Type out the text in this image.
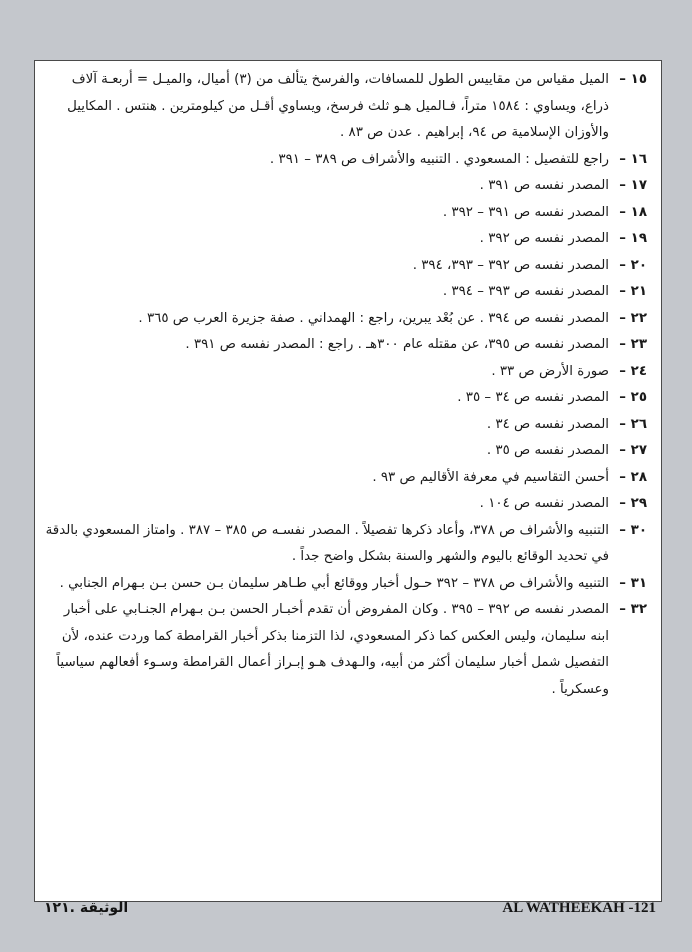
١٥ –
الميل مقياس من مقاييس الطول للمسافات، والفرسخ يتألف من (٣) أميال، والميـل = أربعـة آلاف ذراع، ويساوي : ١٥٨٤ متراً، فـالميل هـو ثلث فرسخ، ويساوي أقـل من كيلومترين . هنتس . المكاييل والأوزان الإسلامية ص ٩٤، إبراهيم . عدن ص ٨٣ .
١٦ –
راجع للتفصيل : المسعودي . التنبيه والأشراف ص ٣٨٩ – ٣٩١ .
١٧ –
المصدر نفسه ص ٣٩١ .
١٨ –
المصدر نفسه ص ٣٩١ – ٣٩٢ .
١٩ –
المصدر نفسه ص ٣٩٢ .
٢٠ –
المصدر نفسه ص ٣٩٢ – ٣٩٣، ٣٩٤ .
٢١ –
المصدر نفسه ص ٣٩٣ – ٣٩٤ .
٢٢ –
المصدر نفسه ص ٣٩٤ . عن بُعْد يبرين، راجع : الهمداني . صفة جزيرة العرب ص ٣٦٥ .
٢٣ –
المصدر نفسه ص ٣٩٥، عن مقتله عام ٣٠٠هـ . راجع : المصدر نفسه ص ٣٩١ .
٢٤ –
صورة الأرض ص ٣٣ .
٢٥ –
المصدر نفسه ص ٣٤ – ٣٥ .
٢٦ –
المصدر نفسه ص ٣٤ .
٢٧ –
المصدر نفسه ص ٣٥ .
٢٨ –
أحسن التقاسيم في معرفة الأقاليم ص ٩٣ .
٢٩ –
المصدر نفسه ص ١٠٤ .
٣٠ –
التنبيه والأشراف ص ٣٧٨، وأعاد ذكرها تفصيلاً . المصدر نفسـه ص ٣٨٥ – ٣٨٧ . وامتاز المسعودي بالدقة في تحديد الوقائع باليوم والشهر والسنة بشكل واضح جداً .
٣١ –
التنبيه والأشراف ص ٣٧٨ – ٣٩٢ حـول أخبار ووقائع أبي طـاهر سليمان بـن حسن بـن بـهرام الجنابي .
٣٢ –
المصدر نفسه ص ٣٩٢ – ٣٩٥ . وكان المفروض أن تقدم أخبـار الحسن بـن بـهرام الجنـابي على أخبار ابنه سليمان، وليس العكس كما ذكر المسعودي، لذا التزمنا بذكر أخبار القرامطة كما وردت عنده، لأن التفصيل شمل أخبار سليمان أكثر من أبيه، والـهدف هـو إبـراز أعمال القرامطة وسـوء أفعالهم سياسياً وعسكرياً .
AL WATHEEKAH -121
الوثيقة .١٢١
